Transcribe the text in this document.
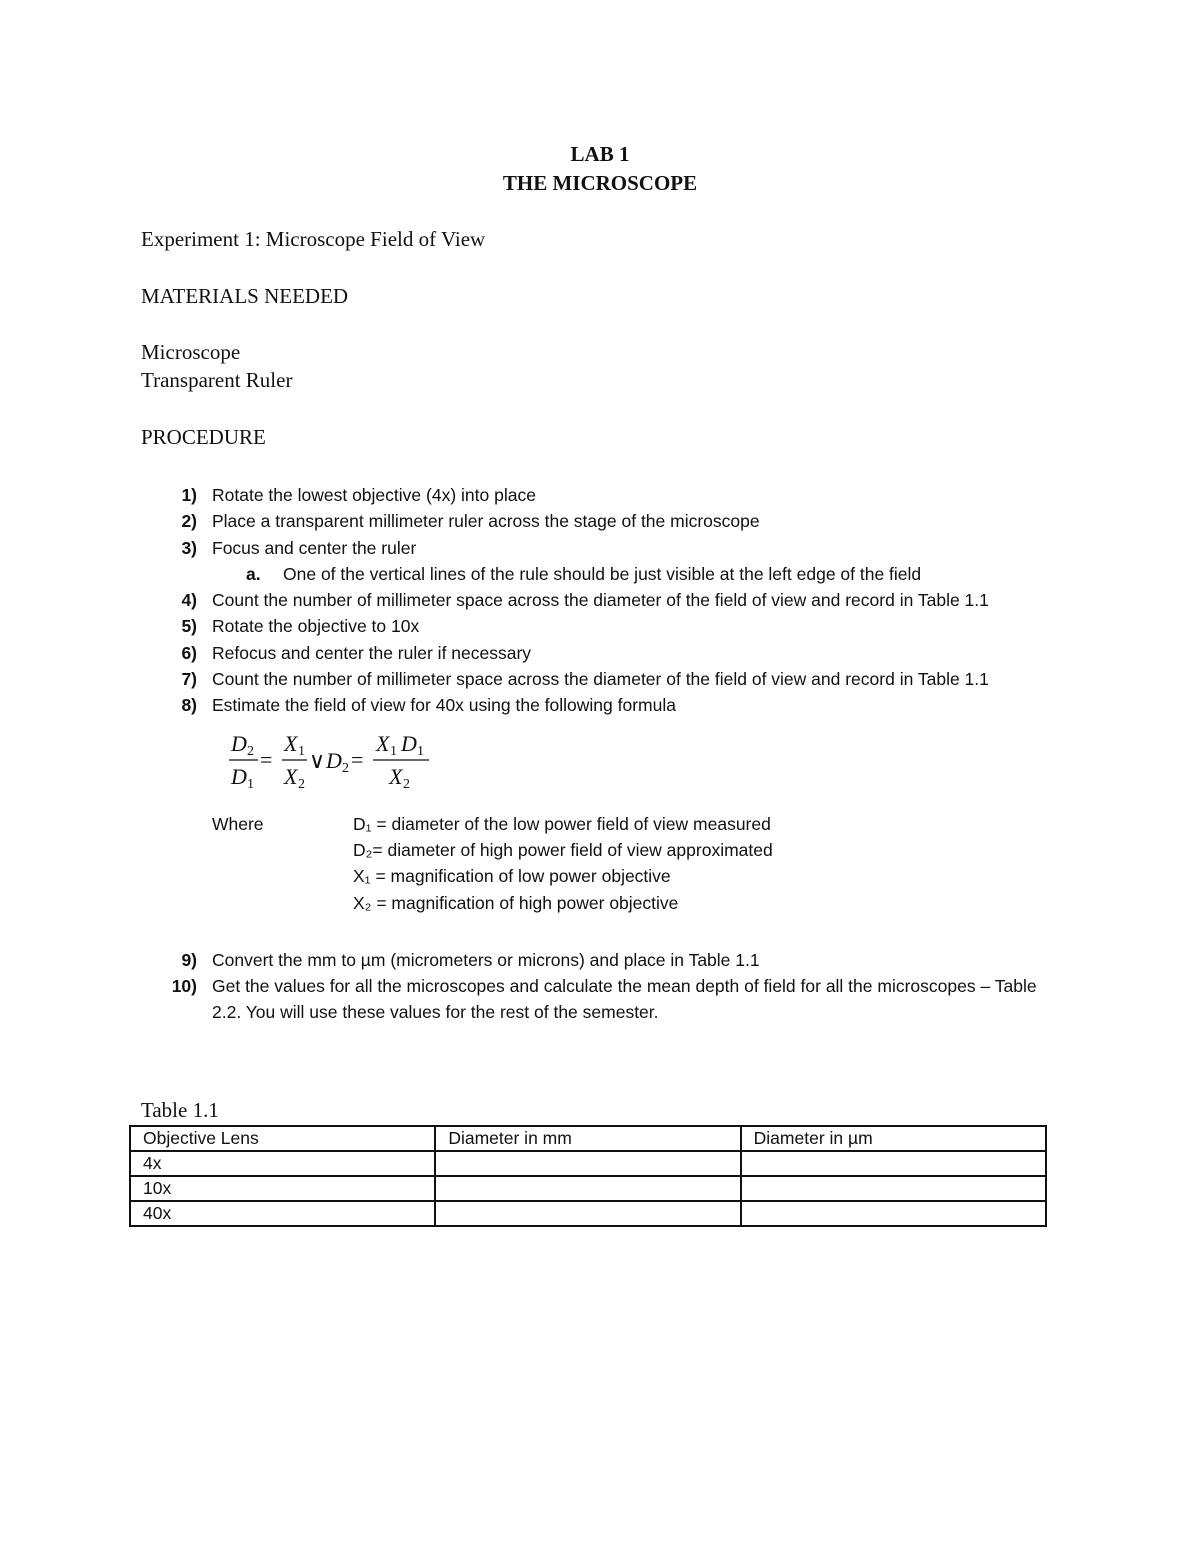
LAB 1
THE MICROSCOPE
Experiment 1: Microscope Field of View
MATERIALS NEEDED
Microscope
Transparent Ruler
PROCEDURE
1) Rotate the lowest objective (4x) into place
2) Place a transparent millimeter ruler across the stage of the microscope
3) Focus and center the ruler
a. One of the vertical lines of the rule should be just visible at the left edge of the field
4) Count the number of millimeter space across the diameter of the field of view and record in Table 1.1
5) Rotate the objective to 10x
6) Refocus and center the ruler if necessary
7) Count the number of millimeter space across the diameter of the field of view and record in Table 1.1
8) Estimate the field of view for 40x using the following formula
D 2
D 1
=
X 1
X 2
∨ D 2 =
X 1 D 1
X 2
Where	D₁ = diameter of the low power field of view measured
D₂= diameter of high power field of view approximated
X₁ = magnification of low power objective
X₂ = magnification of high power objective
9) Convert the mm to µm (micrometers or microns) and place in Table 1.1
10) Get the values for all the microscopes and calculate the mean depth of field for all the microscopes – Table 2.2. You will use these values for the rest of the semester.
Table 1.1
Objective Lens	Diameter in mm	Diameter in µm
4x		
10x		
40x		
